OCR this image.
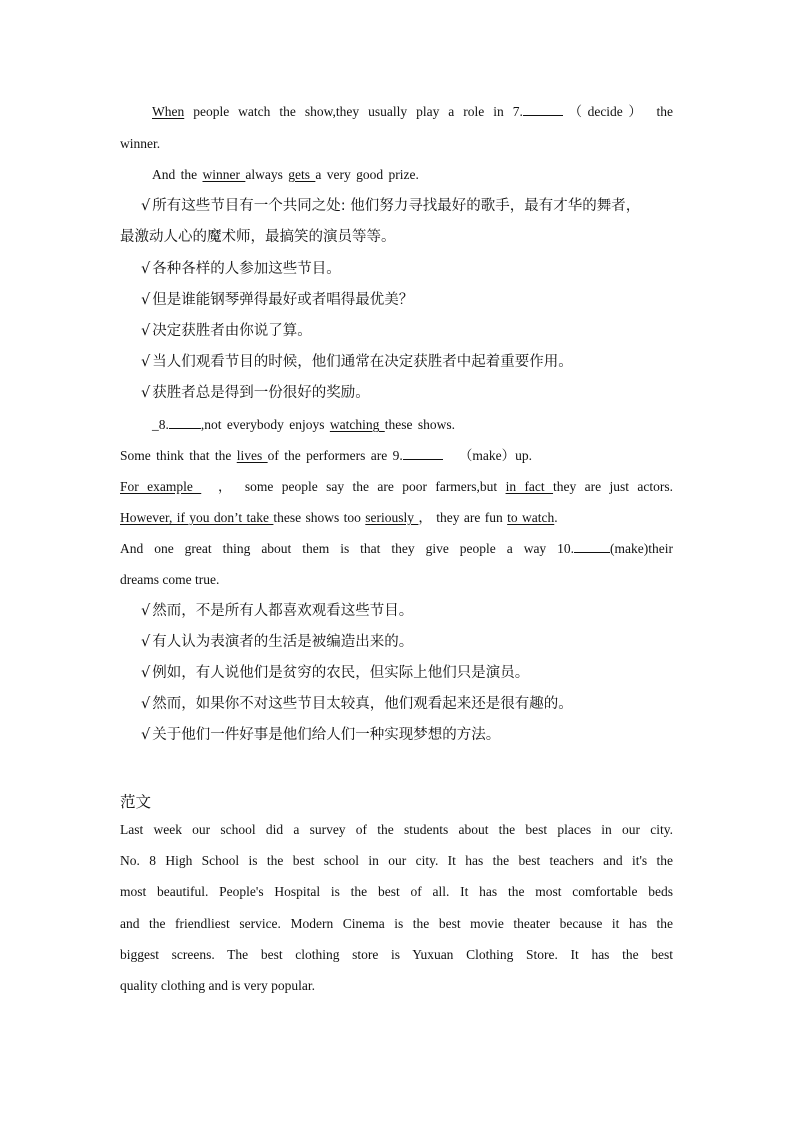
When people watch the show,they usually play a role in 7.	（decide） the
winner.
And the winner always gets a very good prize.
√ 所有这些节目有一个共同之处: 他们努力寻找最好的歌手，最有才华的舞者，
最激动人心的魔术师，最搞笑的演员等等。
√ 各种各样的人参加这些节目。
√ 但是谁能钢琴弹得最好或者唱得最优美？
√ 决定获胜者由你说了算。
√ 当人们观看节目的时候，他们通常在决定获胜者中起着重要作用。
√ 获胜者总是得到一份很好的奖励。
_8. ,not everybody enjoys watching these shows.
Some think that the lives of the performers are 9.	（make）up.
For example   ， some people say the are poor farmers,but in fact they are just actors.
However, if you don’t take these shows too seriously ， they are fun to watch.
And one great thing about them is that they give people a way 10.	(make)their
dreams come true.
√ 然而，不是所有人都喜欢观看这些节目。
√ 有人认为表演者的生活是被编造出来的。
√ 例如，有人说他们是贫穷的农民，但实际上他们只是演员。
√ 然而，如果你不对这些节目太较真，他们观看起来还是很有趣的。
√ 关于他们一件好事是他们给人们一种实现梦想的方法。
范文
Last week our school did a survey of the students about the best places in our city.
No. 8 High School is the best school in our city. It has the best teachers and it's the
most beautiful. People's Hospital is the best of all. It has the most comfortable beds
and the friendliest service. Modern Cinema is the best movie theater because it has the
biggest screens. The best clothing store is Yuxuan Clothing Store. It has the best
quality clothing and is very popular.
